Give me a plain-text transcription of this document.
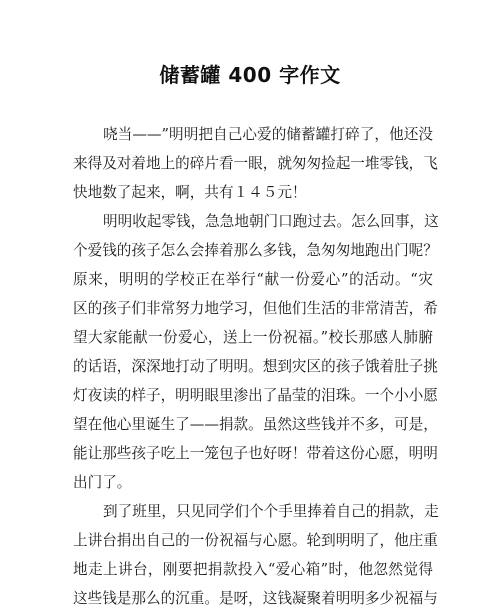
储蓄罐 400 字作文
哓当——”明明把自己心爱的储蓄罐打碎了，他还没
来得及对着地上的碎片看一眼，就匆匆捡起一堆零钱，飞
快地数了起来，啊，共有１４５元！
明明收起零钱，急急地朝门口跑过去。怎么回事，这
个爱钱的孩子怎么会捧着那么多钱，急匆匆地跑出门呢？
原来，明明的学校正在举行“献一份爱心”的活动。“灾
区的孩子们非常努力地学习，但他们生活的非常清苦，希
望大家能献一份爱心，送上一份祝福。”校长那感人肺腑
的话语，深深地打动了明明。想到灾区的孩子饿着肚子挑
灯夜读的样子，明明眼里渗出了晶莹的泪珠。一个小小愿
望在他心里诞生了——捐款。虽然这些钱并不多，可是，
能让那些孩子吃上一笼包子也好呀！带着这份心愿，明明
出门了。
到了班里，只见同学们个个手里捧着自己的捐款，走
上讲台捐出自己的一份祝福与心愿。轮到明明了，他庄重
地走上讲台，刚要把捐款投入“爱心箱”时，他忽然觉得
这些钱是那么的沉重。是呀，这钱凝聚着明明多少祝福与
